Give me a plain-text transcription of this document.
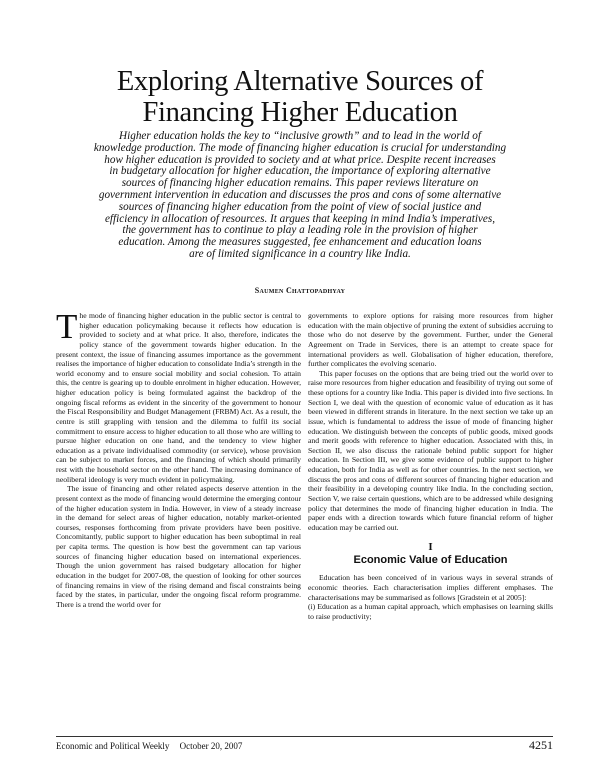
Exploring Alternative Sources of
Financing Higher Education
Higher education holds the key to “inclusive growth” and to lead in the world of
knowledge production. The mode of financing higher education is crucial for understanding
how higher education is provided to society and at what price. Despite recent increases
in budgetary allocation for higher education, the importance of exploring alternative
sources of financing higher education remains. This paper reviews literature on
government intervention in education and discusses the pros and cons of some alternative
sources of financing higher education from the point of view of social justice and
efficiency in allocation of resources. It argues that keeping in mind India’s imperatives,
the government has to continue to play a leading role in the provision of higher
education. Among the measures suggested, fee enhancement and education loans
are of limited significance in a country like India.
Saumen Chattopadhyay

The mode of financing higher education in the public sector is central to higher education policymaking because it reflects how education is provided to society and at what price. It also, therefore, indicates the policy stance of the government towards higher education. In the present context, the issue of financing assumes importance as the government realises the importance of higher education to consolidate India’s strength in the world economy and to ensure social mobility and social cohesion. To attain this, the centre is gearing up to double enrolment in higher education. However, higher education policy is being formulated against the backdrop of the ongoing fiscal reforms as evident in the sincerity of the government to honour the Fiscal Responsibility and Budget Management (FRBM) Act. As a result, the centre is still grappling with tension and the dilemma to fulfil its social commitment to ensure access to higher education to all those who are willing to pursue higher education on one hand, and the tendency to view higher education as a private individualised commodity (or service), whose provision can be subject to market forces, and the financing of which should primarily rest with the household sector on the other hand. The increasing dominance of neoliberal ideology is very much evident in policymaking.

The issue of financing and other related aspects deserve attention in the present context as the mode of financing would determine the emerging contour of the higher education system in India. However, in view of a steady increase in the demand for select areas of higher education, notably market-oriented courses, responses forthcoming from private providers have been positive. Concomitantly, public support to higher education has been suboptimal in real per capita terms. The question is how best the government can tap various sources of financing higher education based on international experiences. Though the union government has raised budgetary allocation for higher education in the budget for 2007-08, the question of looking for other sources of financing remains in view of the rising demand and fiscal constraints being faced by the states, in particular, under the ongoing fiscal reform programme. There is a trend the world over for

governments to explore options for raising more resources from higher education with the main objective of pruning the extent of subsidies accruing to those who do not deserve by the government. Further, under the General Agreement on Trade in Services, there is an attempt to create space for international providers as well. Globalisation of higher education, therefore, further complicates the evolving scenario.

This paper focuses on the options that are being tried out the world over to raise more resources from higher education and feasibility of trying out some of these options for a country like India. This paper is divided into five sections. In Section I, we deal with the question of economic value of education as it has been viewed in different strands in literature. In the next section we take up an issue, which is fundamental to address the issue of mode of financing higher education. We distinguish between the concepts of public goods, mixed goods and merit goods with reference to higher education. Associated with this, in Section II, we also discuss the rationale behind public support for higher education. In Section III, we give some evidence of public support to higher education, both for India as well as for other countries. In the next section, we discuss the pros and cons of different sources of financing higher education and their feasibility in a developing country like India. In the concluding section, Section V, we raise certain questions, which are to be addressed while designing policy that determines the mode of financing higher education in India. The paper ends with a direction towards which future financial reform of higher education may be carried out.

I
Economic Value of Education

Education has been conceived of in various ways in several strands of economic theories. Each characterisation implies different emphases. The characterisations may be summarised as follows [Gradstein et al 2005]:

(i) Education as a human capital approach, which emphasises on learning skills to raise productivity;

Economic and Political Weekly October 20, 2007	4251
